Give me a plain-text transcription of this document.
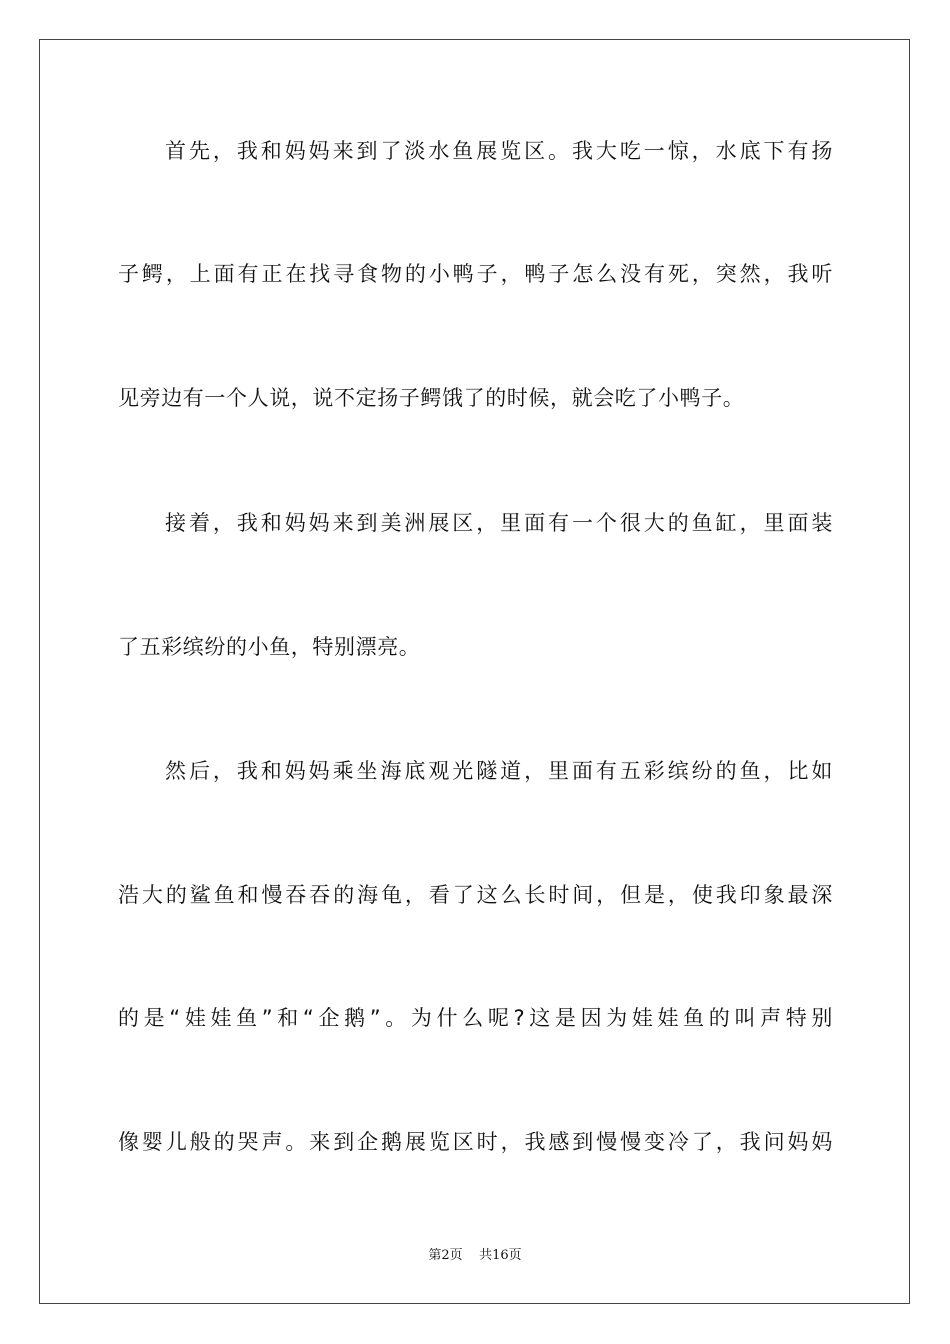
首先，我和妈妈来到了淡水鱼展览区。我大吃一惊，水底下有扬
子鳄，上面有正在找寻食物的小鸭子，鸭子怎么没有死，突然，我听
见旁边有一个人说，说不定扬子鳄饿了的时候，就会吃了小鸭子。
接着，我和妈妈来到美洲展区，里面有一个很大的鱼缸，里面装
了五彩缤纷的小鱼，特别漂亮。
然后，我和妈妈乘坐海底观光隧道，里面有五彩缤纷的鱼，比如
浩大的鲨鱼和慢吞吞的海龟，看了这么长时间，但是，使我印象最深
的是“娃娃鱼”和“企鹅”。为什么呢?这是因为娃娃鱼的叫声特别
像婴儿般的哭声。来到企鹅展览区时，我感到慢慢变冷了，我问妈妈
第2页 共16页
